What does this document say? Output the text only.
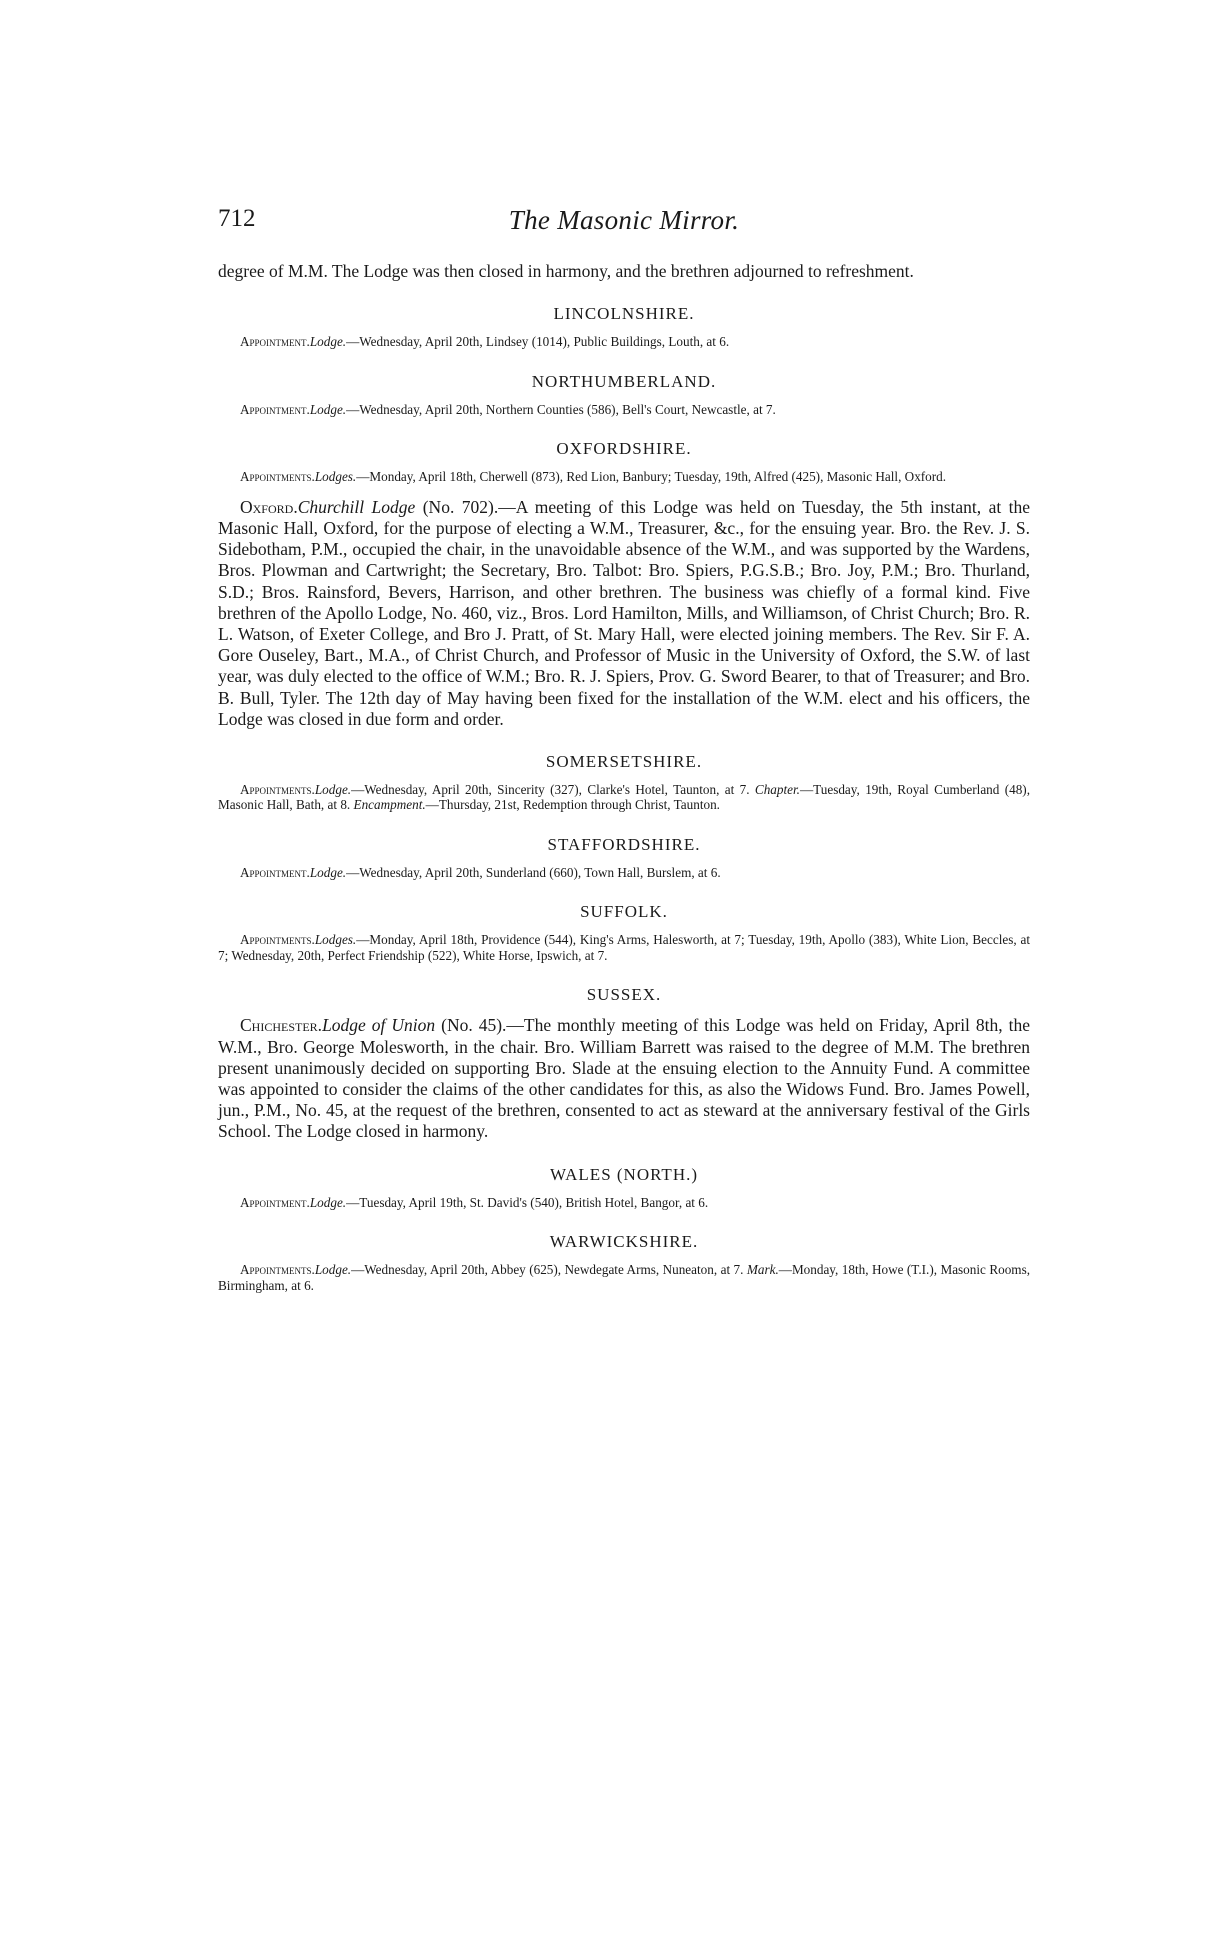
712	The Masonic Mirror.

degree of M.M. The Lodge was then closed in harmony, and the brethren adjourned to refreshment.

LINCOLNSHIRE.

Appointment.Lodge.—Wednesday, April 20th, Lindsey (1014), Public Buildings, Louth, at 6.

NORTHUMBERLAND.

Appointment.Lodge.—Wednesday, April 20th, Northern Counties (586), Bell's Court, Newcastle, at 7.

OXFORDSHIRE.

Appointments.Lodges.—Monday, April 18th, Cherwell (873), Red Lion, Banbury; Tuesday, 19th, Alfred (425), Masonic Hall, Oxford.

Oxford.Churchill Lodge (No. 702).—A meeting of this Lodge was held on Tuesday, the 5th instant, at the Masonic Hall, Oxford, for the purpose of electing a W.M., Treasurer, &c., for the ensuing year. Bro. the Rev. J. S. Sidebotham, P.M., occupied the chair, in the unavoidable absence of the W.M., and was supported by the Wardens, Bros. Plowman and Cartwright; the Secretary, Bro. Talbot: Bro. Spiers, P.G.S.B.; Bro. Joy, P.M.; Bro. Thurland, S.D.; Bros. Rainsford, Bevers, Harrison, and other brethren. The business was chiefly of a formal kind. Five brethren of the Apollo Lodge, No. 460, viz., Bros. Lord Hamilton, Mills, and Williamson, of Christ Church; Bro. R. L. Watson, of Exeter College, and Bro J. Pratt, of St. Mary Hall, were elected joining members. The Rev. Sir F. A. Gore Ouseley, Bart., M.A., of Christ Church, and Professor of Music in the University of Oxford, the S.W. of last year, was duly elected to the office of W.M.; Bro. R. J. Spiers, Prov. G. Sword Bearer, to that of Treasurer; and Bro. B. Bull, Tyler. The 12th day of May having been fixed for the installation of the W.M. elect and his officers, the Lodge was closed in due form and order.

SOMERSETSHIRE.

Appointments.Lodge.—Wednesday, April 20th, Sincerity (327), Clarke's Hotel, Taunton, at 7. Chapter.—Tuesday, 19th, Royal Cumberland (48), Masonic Hall, Bath, at 8. Encampment.—Thursday, 21st, Redemption through Christ, Taunton.

STAFFORDSHIRE.

Appointment.Lodge.—Wednesday, April 20th, Sunderland (660), Town Hall, Burslem, at 6.

SUFFOLK.

Appointments.Lodges.—Monday, April 18th, Providence (544), King's Arms, Halesworth, at 7; Tuesday, 19th, Apollo (383), White Lion, Beccles, at 7; Wednesday, 20th, Perfect Friendship (522), White Horse, Ipswich, at 7.

SUSSEX.

Chichester.Lodge of Union (No. 45).—The monthly meeting of this Lodge was held on Friday, April 8th, the W.M., Bro. George Molesworth, in the chair. Bro. William Barrett was raised to the degree of M.M. The brethren present unanimously decided on supporting Bro. Slade at the ensuing election to the Annuity Fund. A committee was appointed to consider the claims of the other candidates for this, as also the Widows Fund. Bro. James Powell, jun., P.M., No. 45, at the request of the brethren, consented to act as steward at the anniversary festival of the Girls School. The Lodge closed in harmony.

WALES (NORTH.)

Appointment.Lodge.—Tuesday, April 19th, St. David's (540), British Hotel, Bangor, at 6.

WARWICKSHIRE.

Appointments.Lodge.—Wednesday, April 20th, Abbey (625), Newdegate Arms, Nuneaton, at 7. Mark.—Monday, 18th, Howe (T.I.), Masonic Rooms, Birmingham, at 6.
